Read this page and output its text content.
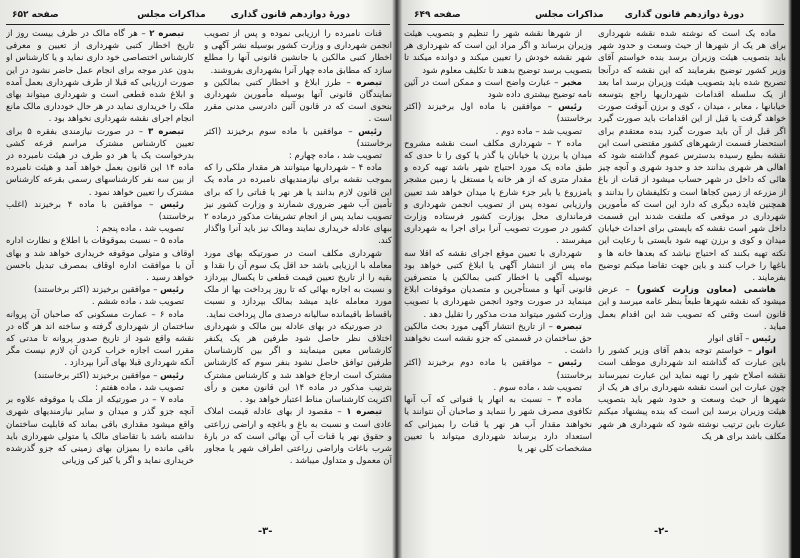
دورهٔ دوازدهم قانون گذاری
مذاکرات مجلس
صفحه ۶۵۲

قنات نامبرده را ارزیابی نموده و پس از تصویب انجمن شهرداری و وزارت کشور بوسیله نشر آگهی و اخطار کتبی مالکین یا جانشین قانونی آنها را مطلع سازد که مطابق ماده چهار آنرا بشهرداری بفروشند.

تبصره – طرز ابلاغ و اخطار کتبی بمالکین و نمایندگان قانونی آنها بوسیله مأمورین شهرداری بنحوی است که در قانون آئین دادرسی مدنی مقرر است .

رئیس – موافقین با ماده سوم برخیزند (اکثر برخاستند)

تصویب شد ، ماده چهارم :

ماده ۴ – شهرداریها میتوانند هر مقدار ملکی را که بموجب نقشه برای نیازمندیهای نامبرده در ماده یک این قانون لازم بدانند یا هر نهر یا قناتی را که برای تأمین آب شهر ضروری شمارند و وزارت کشور نیز تصویب نماید پس از انجام تشریفات مذکور درماده ۲ ببهای عادله خریداری نمایند ومالک نیز باید آنرا واگذار کند.

شهرداری مکلف است در صورتیکه بهای مورد معامله با ارزیابی باشد حد اقل یک سوم آن را نقدا و بقیه را از تاریخ تعیین قیمت قطعی تا یکسال بپردازد و نسبت به اجاره بهائی که تا روز پرداخت بها از ملک مورد معامله عاید میشد بمالک بپردازد و نسبت باقساط باقیمانده سالیانه درصدی مال پرداخت نماید.

در صورتیکه در بهای عادله بین مالک و شهرداری اختلاف نظر حاصل شود طرفین هر یک یکنفر کارشناس معین مینمایند و اگر بین کارشناسان طرفین توافق حاصل نشود بنفر سوم که کارشناس مشترک است ارجاع خواهد شد و کارشناس مشترک بترتیب مذکور در ماده ۱۴ این قانون معین و رأی اکثریت کارشناسان مناط اعتبار خواهد بود .

تبصره ۱ – مقصود از بهای عادله قیمت املاک عادی است و نسبت به باغ و باغچه و اراضی زراعتی و حقوق نهر یا قنات آب آن بهائی است که در بارهٔ شرب باغات واراضی زراعتی اطراف شهر یا مجاور آن معمول و متداول میباشد .

تبصره ۲ – هر گاه مالک در ظرف بیست روز از تاریخ اخطار کتبی شهرداری از تعیین و معرفی کارشناس اختصاصی خود داری نماید و یا کارشناس او بدون عذر موجه برای انجام عمل حاضر نشود در این صورت ارزیابی که قبلا از طرف شهرداری بعمل آمده و ابلاغ شده قطعی است و شهرداری میتواند بهای ملک را خریداری نماید در هر حال خودداری مالک مانع انجام اجرای نقشه شهرداری نخواهد بود .

تبصره ۳ – در صورت نیازمندی بفقره ۵ برای تعیین کارشناس مشترک مراسم قرعه کشی بدرخواست یک یا هر دو طرف در هیئت نامبرده در ماده ۱۴ این قانون بعمل خواهد آمد و هیئت نامبرده از بین سه نفر کارشناسهای رسمی بقرعه کارشناس مشترک را تعیین خواهد نمود .

رئیس – موافقین با ماده ۴ برخیزند (اغلب برخاستند)

تصویب شد ، ماده پنجم :

ماده ۵ – نسبت بموقوفات با اطلاع و نظارت اداره اوقاف و متولی موقوفه خریداری خواهد شد و بهای آن با موافقت اداره اوقاف بمصرف تبدیل باحسن خواهد رسید .

رئیس – موافقین برخیزند (اکثر برخاستند)

تصویب شد ، ماده ششم .

ماده ۶ – عمارت مسکونی که صاحبان آن پروانه ساختمان از شهرداری گرفته و ساخته اند هر گاه در نقشه واقع شود از تاریخ صدور پروانه تا مدتی که مقرر است اجازه خراب کردن آن لازم نیست مگر آنکه شهرداری قبلا بهای آنرا بپردازد .

رئیس – موافقین برخیزند (اکثر برخاستند)

تصویب شد ، ماده هفتم :

ماده ۷ – در صورتیکه از ملک یا موقوفه علاوه بر آنچه جزو گذر و میدان و سایر نیازمندیهای شهری واقع میشود مقداری باقی بماند که قابلیت ساختمان نداشته باشد با تقاضای مالک یا متولی شهرداری باید باقی مانده را بمیزان بهای زمینی که جزو گذرشده خریداری نماید و اگر یا کیز کی وزیانی

-۳-
دورهٔ دوازدهم قانون گذاری
مذاکرات مجلس
صفحه ۶۴۹

ماده یک است که نوشته شده نقشه شهرداری برای هر یک از شهرها از حیث وسعت و حدود شهر باید بتصویب هیئت وزیران برسد بنده خواستم آقای وزیر کشور توضیح بفرمایند که این نقشه که درآنجا تصریح شده باید بتصویب هیئت وزیران برسد اما بعد از یک سلسله اقدامات شهرداریها راجع بتوسعه خیابانها ، معابر ، میدان ، کوی و برزن آنوقت صورت خواهد گرفت یا قبل از این اقدامات باید صورت گیرد اگر قبل از آن باید صورت گیرد بنده معتقدم برای استحضار قسمت ازشهرهای کشور مقتضی است این نقشه بطبع رسیده بدسترس عموم گذاشته شود که اهالی هر شهری بدانند حد و حدود شهری و آنچه چیز هائی که داخل در شهر حساب میشود از قنات از باغ از مزرعه از زمین کجاها است و تکلیفشان را بدانند و همچنین فایده دیگری که دارد این است که مأمورین شهرداری در موقعی که ملتفت شدند این قسمت داخل شهر است نقشه که بایستی برای احداث خیابان میدان و کوی و برزن تهیه شود بایستی با رعایت این نکته تهیه بکنند که احتیاج نباشد که بعدها خانه ها و باغها را خراب کنند و باین جهت تقاضا میکنم توضیح بفرمایند .

هاشمی (معاون وزارت کشور) – عرض میشود که نقشه شهرها طبعاً بنظر عامه میرسد و این قانون است وقتی که تصویب شد این اقدام بعمل میاید .

رئیس – آقای انوار

انوار – خواستم توجه بدهم آقای وزیر کشور را باین عبارت که گذاشته اند شهرداری موظف است نقشه اصلاح شهر را تهیه نماید این عبارت نمیرساند چون عبارت این است نقشه شهرداری برای هر یک از شهرها از حیث وسعت و حدود شهر باید بتصویب هیئت وزیران برسد این است که بنده پیشنهاد میکنم عبارت باین ترتیب نوشته شود که شهرداری هر شهر مکلف باشد برای هر یک

از شهرها نقشه شهر را تنظیم و بتصویب هیئت وزیران برساند و اگر مراد این است که شهرداری هر شهر نقشه خودش را تعیین میکند و دوانده میکند تا بتصویب برسد توضیح بدهند تا تکلیف معلوم شود

مخبر – عبارت واضح است و ممکن است در آئین نامه توضیح بیشتری داده شود

رئیس – موافقین با ماده اول برخیزند (اکثر برخاستند)

تصویب شد – ماده دوم .

ماده ۲ – شهرداری مکلف است نقشه مشروح میدان یا برزن یا خیابان یا گذر یا کوی را تا حدی که طبق ماده یک مورد احتیاج شهر باشد تهیه کرده و مقدار متری که از هر خانه یا مستغل یا زمین مشجر یامزروع یا بایر جزء شارع یا میدان خواهد شد تعیین وارزیابی نموده پس از تصویب انجمن شهرداری و فرمانداری محل بوزارت کشور فرستاده وزارت کشور در صورت تصویب آنرا برای اجرا به شهرداری میفرستد .

شهرداری با تعیین موقع اجرای نقشه که اقلا سه ماه پس از انتشار آگهی یا ابلاغ کتبی خواهد بود بوسیله آگهی یا اخطار کتبی بمالکین یا متصرفین قانونی آنها و مستأجرین و متصدیان موقوفات ابلاغ مینماید در صورت وجود انجمن شهرداری با تصویب وزارت کشور میتواند مدت مذکور را تقلیل دهد .

تبصره – از تاریخ انتشار آگهی مورد بحث مالکین حق ساختمان در قسمتی که جزو نقشه است نخواهند داشت .

رئیس – موافقین با ماده دوم برخیزند (اکثر برخاستند)

تصویب شد ، ماده سوم .

ماده ۳ – نسبت به انهار یا قنواتی که آب آنها تکافوی مصرف شهر را ننماید و صاحبان آن نتوانند یا نخواهند مقدار آب هر نهر یا قنات را بمیزانی که استعداد دارد برساند شهرداری میتواند با تعیین مشخصات کلی نهر یا

-۲-
